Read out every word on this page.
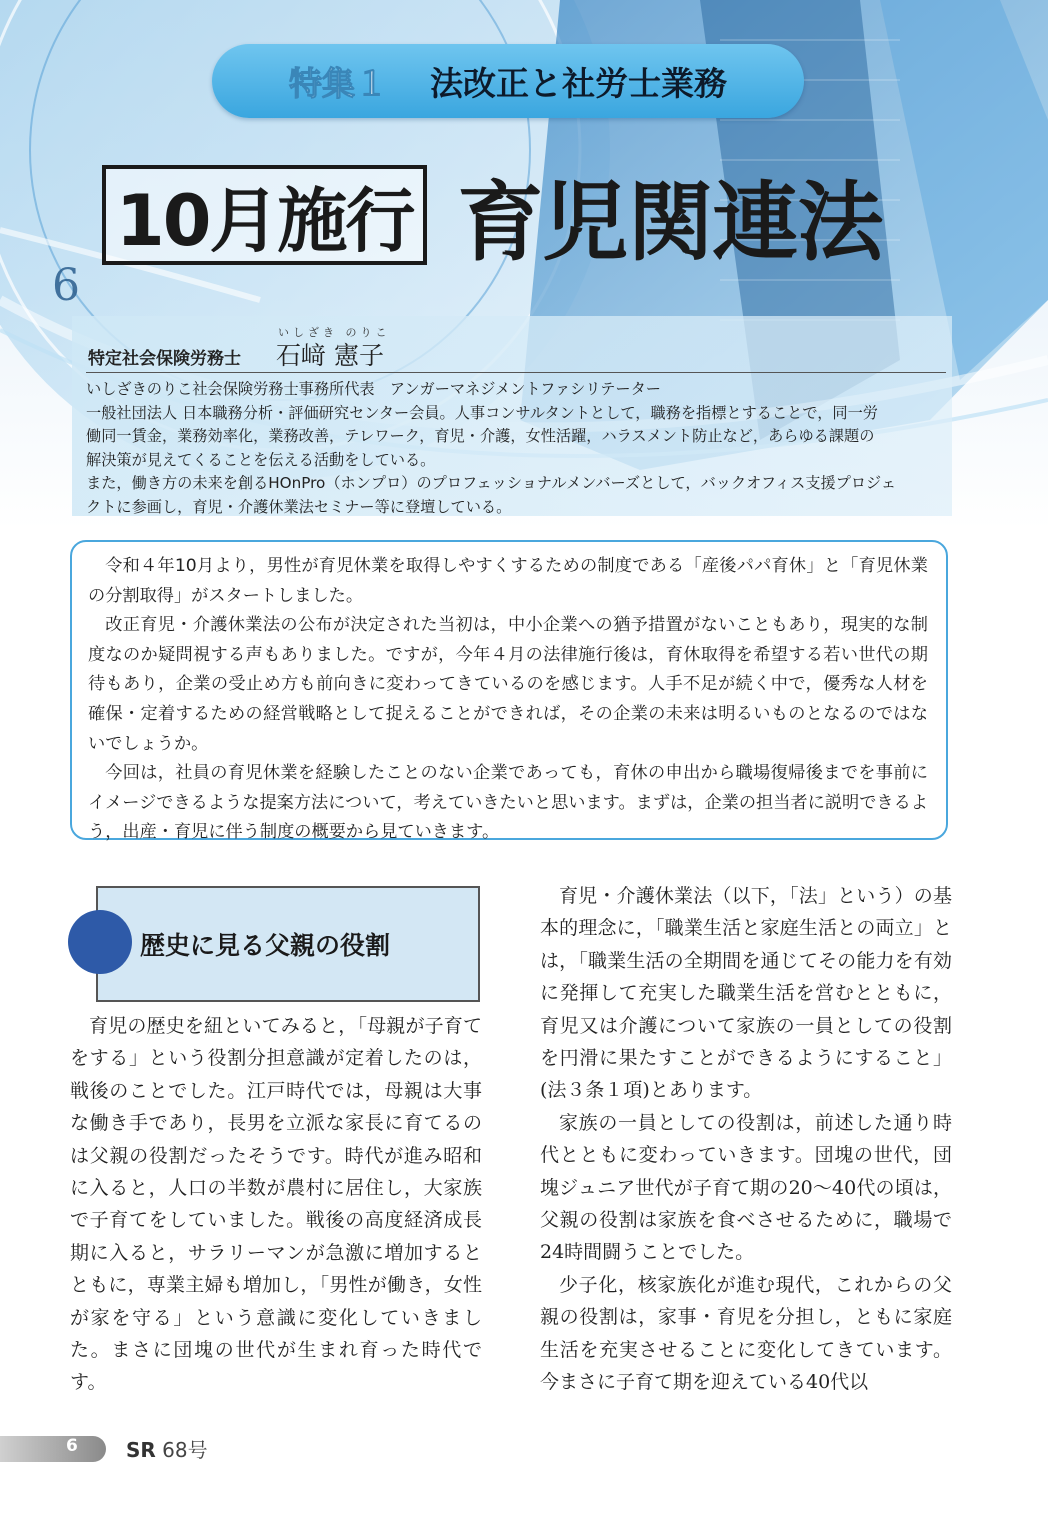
6
特集１ 法改正と社労士業務
10月施行 育児関連法
特定社会保険労務士
いしざき のりこ
石﨑 憲子

いしざきのりこ社会保険労務士事務所代表　アンガーマネジメントファシリテーター

一般社団法人 日本職務分析・評価研究センター会員。人事コンサルタントとして，職務を指標とすることで，同一労

働同一賃金，業務効率化，業務改善，テレワーク，育児・介護，女性活躍，ハラスメント防止など，あらゆる課題の

解決策が見えてくることを伝える活動をしている。

また，働き方の未来を創るHOnPro（ホンプロ）のプロフェッショナルメンバーズとして，バックオフィス支援プロジェ

クトに参画し，育児・介護休業法セミナー等に登壇している。

令和４年10月より，男性が育児休業を取得しやすくするための制度である「産後パパ育休」と「育児休業の分割取得」がスタートしました。

改正育児・介護休業法の公布が決定された当初は，中小企業への猶予措置がないこともあり，現実的な制度なのか疑問視する声もありました。ですが，今年４月の法律施行後は，育休取得を希望する若い世代の期待もあり，企業の受止め方も前向きに変わってきているのを感じます。人手不足が続く中で，優秀な人材を確保・定着するための経営戦略として捉えることができれば，その企業の未来は明るいものとなるのではないでしょうか。

今回は，社員の育児休業を経験したことのない企業であっても，育休の申出から職場復帰後までを事前にイメージできるような提案方法について，考えていきたいと思います。まずは，企業の担当者に説明できるよう，出産・育児に伴う制度の概要から見ていきます。

歴史に見る父親の役割

育児の歴史を紐といてみると，「母親が子育てをする」という役割分担意識が定着したのは，戦後のことでした。江戸時代では，母親は大事な働き手であり，長男を立派な家長に育てるのは父親の役割だったそうです。時代が進み昭和に入ると，人口の半数が農村に居住し，大家族で子育てをしていました。戦後の高度経済成長期に入ると，サラリーマンが急激に増加するとともに，専業主婦も増加し，「男性が働き，女性が家を守る」という意識に変化していきました。まさに団塊の世代が生まれ育った時代です。

育児・介護休業法（以下，「法」という）の基本的理念に，「職業生活と家庭生活との両立」とは，「職業生活の全期間を通じてその能力を有効に発揮して充実した職業生活を営むとともに，育児又は介護について家族の一員としての役割を円滑に果たすことができるようにすること」(法３条１項)とあります。

家族の一員としての役割は，前述した通り時代とともに変わっていきます。団塊の世代，団塊ジュニア世代が子育て期の20〜40代の頃は，父親の役割は家族を食べさせるために，職場で24時間闘うことでした。

少子化，核家族化が進む現代，これからの父親の役割は，家事・育児を分担し，ともに家庭生活を充実させることに変化してきています。今まさに子育て期を迎えている40代以

6 SR 68号
